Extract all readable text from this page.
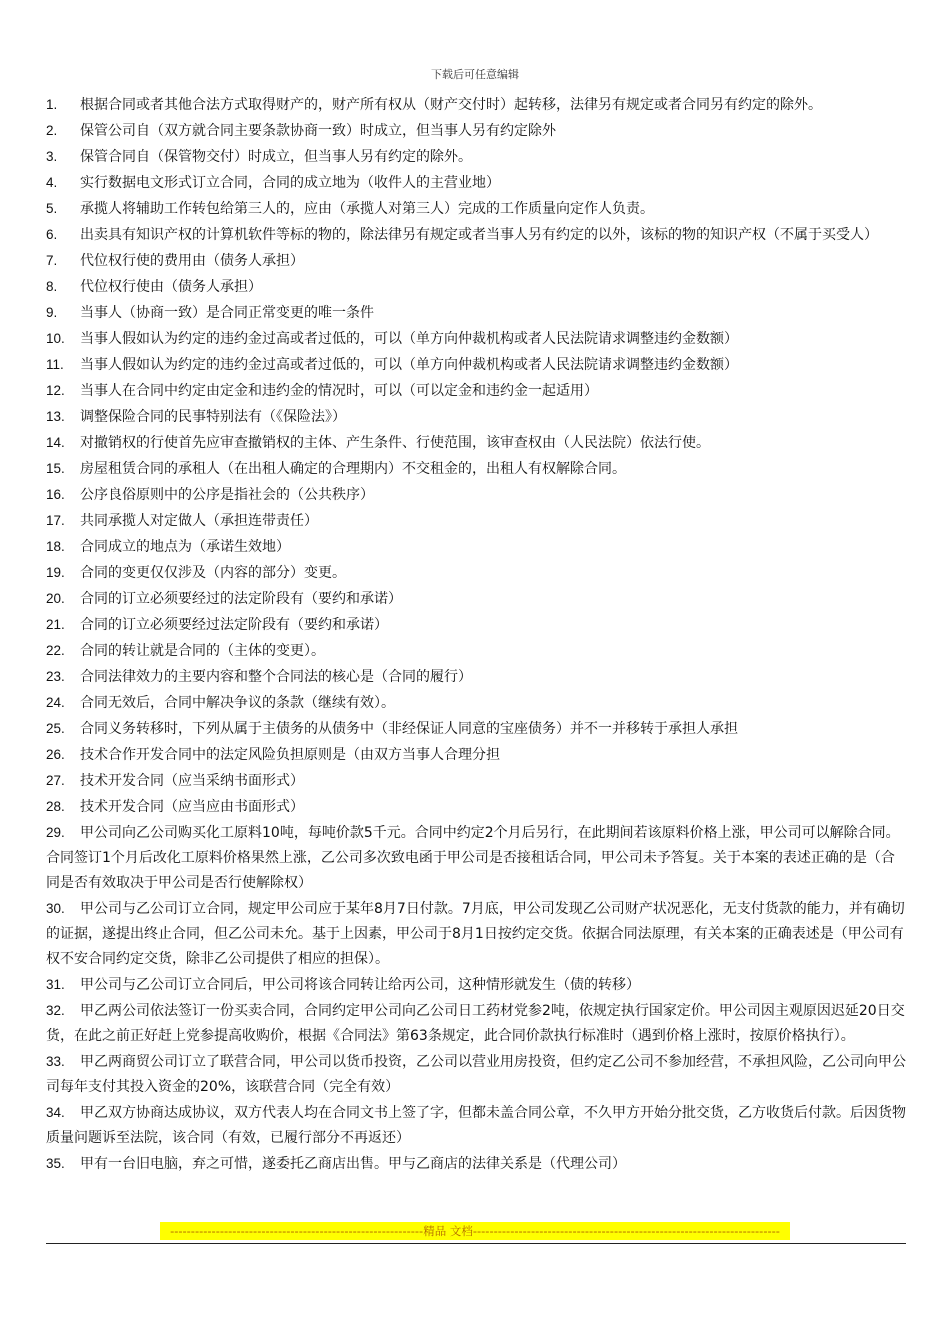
下载后可任意编辑
1. 根据合同或者其他合法方式取得财产的，财产所有权从（财产交付时）起转移，法律另有规定或者合同另有约定的除外。
2. 保管公司自（双方就合同主要条款协商一致）时成立，但当事人另有约定除外
3. 保管合同自（保管物交付）时成立，但当事人另有约定的除外。
4. 实行数据电文形式订立合同，合同的成立地为（收件人的主营业地）
5. 承揽人将辅助工作转包给第三人的，应由（承揽人对第三人）完成的工作质量向定作人负责。
6. 出卖具有知识产权的计算机软件等标的物的，除法律另有规定或者当事人另有约定的以外，该标的物的知识产权（不属于买受人）
7. 代位权行使的费用由（债务人承担）
8. 代位权行使由（债务人承担）
9. 当事人（协商一致）是合同正常变更的唯一条件
10. 当事人假如认为约定的违约金过高或者过低的，可以（单方向仲裁机构或者人民法院请求调整违约金数额）
11. 当事人假如认为约定的违约金过高或者过低的，可以（单方向仲裁机构或者人民法院请求调整违约金数额）
12. 当事人在合同中约定由定金和违约金的情况时，可以（可以定金和违约金一起适用）
13. 调整保险合同的民事特别法有（《保险法》）
14. 对撤销权的行使首先应审查撤销权的主体、产生条件、行使范围，该审查权由（人民法院）依法行使。
15. 房屋租赁合同的承租人（在出租人确定的合理期内）不交租金的，出租人有权解除合同。
16. 公序良俗原则中的公序是指社会的（公共秩序）
17. 共同承揽人对定做人（承担连带责任）
18. 合同成立的地点为（承诺生效地）
19. 合同的变更仅仅涉及（内容的部分）变更。
20. 合同的订立必须要经过的法定阶段有（要约和承诺）
21. 合同的订立必须要经过法定阶段有（要约和承诺）
22. 合同的转让就是合同的（主体的变更）。
23. 合同法律效力的主要内容和整个合同法的核心是（合同的履行）
24. 合同无效后，合同中解决争议的条款（继续有效）。
25. 合同义务转移时，下列从属于主债务的从债务中（非经保证人同意的宝座债务）并不一并移转于承担人承担
26. 技术合作开发合同中的法定风险负担原则是（由双方当事人合理分担
27. 技术开发合同（应当采纳书面形式）
28. 技术开发合同（应当应由书面形式）
29. 甲公司向乙公司购买化工原料10吨，每吨价款5千元。合同中约定2个月后另行，在此期间若该原料价格上涨，甲公司可以解除合同。合同签订1个月后改化工原料价格果然上涨，乙公司多次致电函于甲公司是否接租话合同，甲公司未予答复。关于本案的表述正确的是（合同是否有效取决于甲公司是否行使解除权）
30. 甲公司与乙公司订立合同，规定甲公司应于某年8月7日付款。7月底，甲公司发现乙公司财产状况恶化，无支付货款的能力，并有确切的证据，遂提出终止合同，但乙公司未允。基于上因素，甲公司于8月1日按约定交货。依据合同法原理，有关本案的正确表述是（甲公司有权不安合同约定交货，除非乙公司提供了相应的担保）。
31. 甲公司与乙公司订立合同后，甲公司将该合同转让给丙公司，这种情形就发生（债的转移）
32. 甲乙两公司依法签订一份买卖合同，合同约定甲公司向乙公司日工药材党参2吨，依规定执行国家定价。甲公司因主观原因迟延20日交货，在此之前正好赶上党参提高收购价，根据《合同法》第63条规定，此合同价款执行标准时（遇到价格上涨时，按原价格执行）。
33. 甲乙两商贸公司订立了联营合同，甲公司以货币投资，乙公司以营业用房投资，但约定乙公司不参加经营，不承担风险，乙公司向甲公司每年支付其投入资金的20%，该联营合同（完全有效）
34. 甲乙双方协商达成协议，双方代表人均在合同文书上签了字，但都未盖合同公章，不久甲方开始分批交货，乙方收货后付款。后因货物质量问题诉至法院，该合同（有效，已履行部分不再返还）
35. 甲有一台旧电脑，弃之可惜，遂委托乙商店出售。甲与乙商店的法律关系是（代理公司）
-------------------------------------------------------------精品 文档--------------------------------------------------------------------------
